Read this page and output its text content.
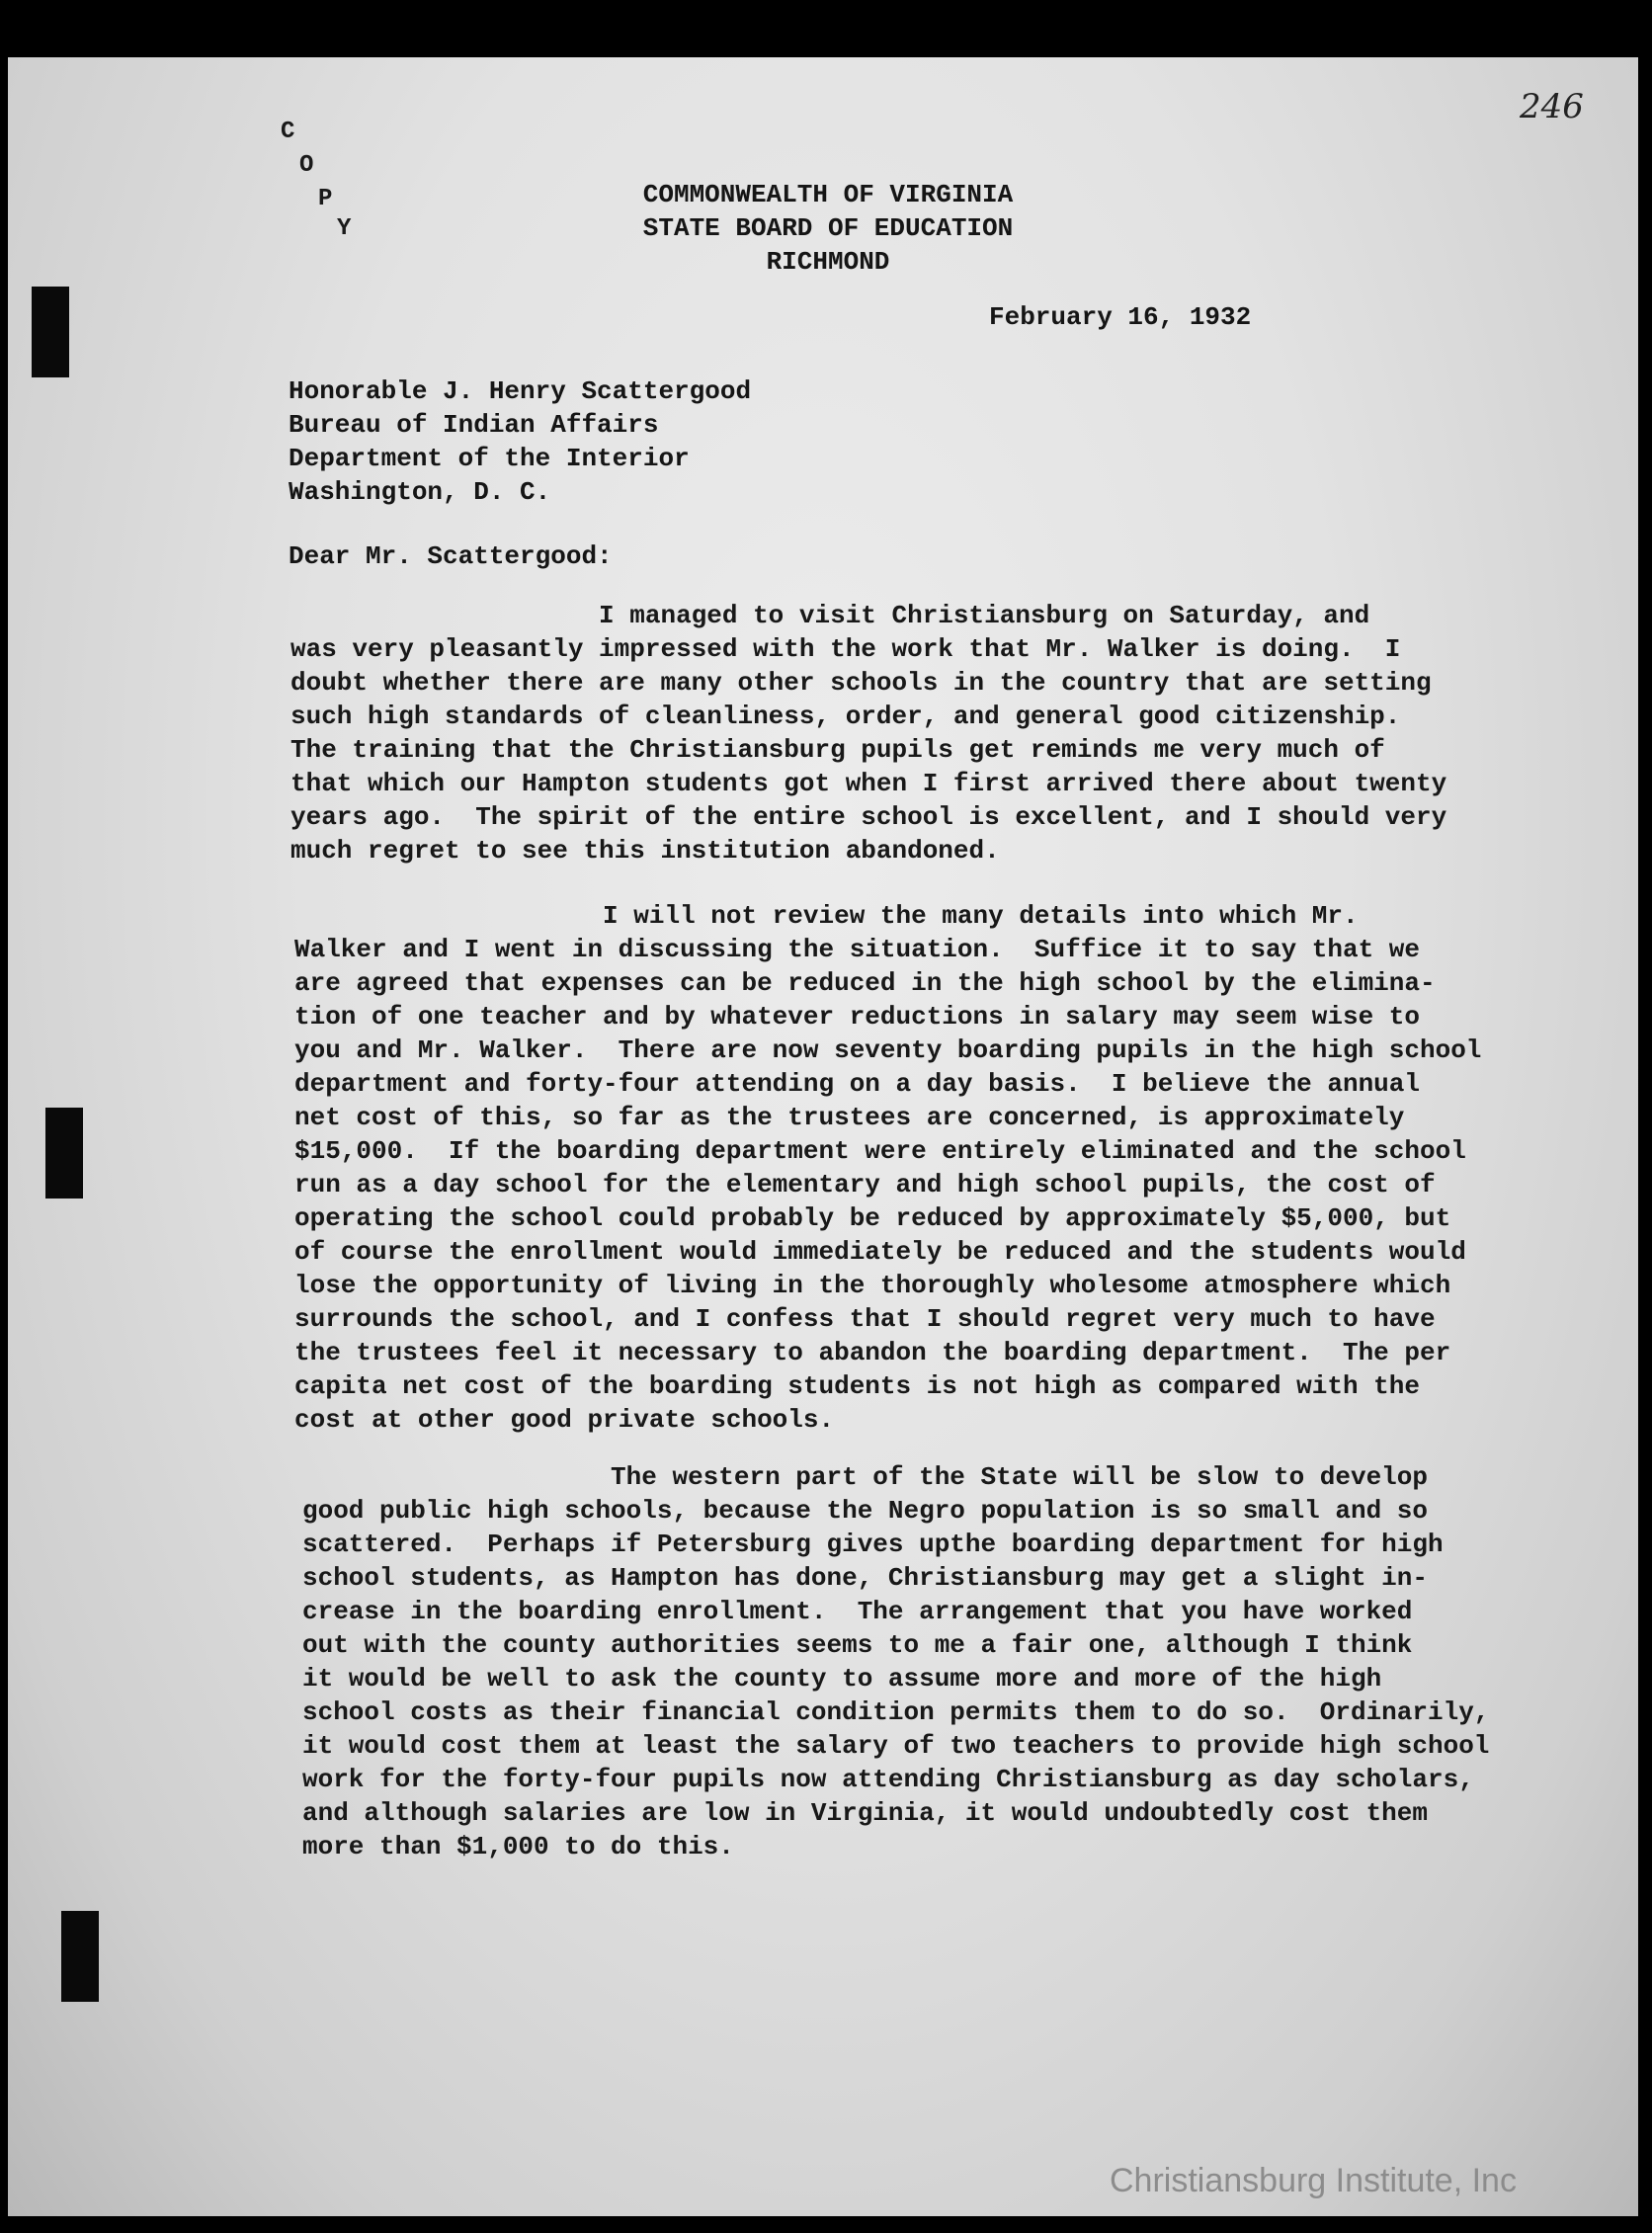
246
C
O
P
Y
COMMONWEALTH OF VIRGINIA
STATE BOARD OF EDUCATION
RICHMOND
February 16, 1932
Honorable J. Henry Scattergood
Bureau of Indian Affairs
Department of the Interior
Washington, D. C.
Dear Mr. Scattergood:
I managed to visit Christiansburg on Saturday, and
was very pleasantly impressed with the work that Mr. Walker is doing.  I
doubt whether there are many other schools in the country that are setting
such high standards of cleanliness, order, and general good citizenship.
The training that the Christiansburg pupils get reminds me very much of
that which our Hampton students got when I first arrived there about twenty
years ago.  The spirit of the entire school is excellent, and I should very
much regret to see this institution abandoned.
I will not review the many details into which Mr.
Walker and I went in discussing the situation.  Suffice it to say that we
are agreed that expenses can be reduced in the high school by the elimina-
tion of one teacher and by whatever reductions in salary may seem wise to
you and Mr. Walker.  There are now seventy boarding pupils in the high school
department and forty-four attending on a day basis.  I believe the annual
net cost of this, so far as the trustees are concerned, is approximately
$15,000.  If the boarding department were entirely eliminated and the school
run as a day school for the elementary and high school pupils, the cost of
operating the school could probably be reduced by approximately $5,000, but
of course the enrollment would immediately be reduced and the students would
lose the opportunity of living in the thoroughly wholesome atmosphere which
surrounds the school, and I confess that I should regret very much to have
the trustees feel it necessary to abandon the boarding department.  The per
capita net cost of the boarding students is not high as compared with the
cost at other good private schools.
The western part of the State will be slow to develop
good public high schools, because the Negro population is so small and so
scattered.  Perhaps if Petersburg gives upthe boarding department for high
school students, as Hampton has done, Christiansburg may get a slight in-
crease in the boarding enrollment.  The arrangement that you have worked
out with the county authorities seems to me a fair one, although I think
it would be well to ask the county to assume more and more of the high
school costs as their financial condition permits them to do so.  Ordinarily,
it would cost them at least the salary of two teachers to provide high school
work for the forty-four pupils now attending Christiansburg as day scholars,
and although salaries are low in Virginia, it would undoubtedly cost them
more than $1,000 to do this.
Christiansburg Institute, Inc
